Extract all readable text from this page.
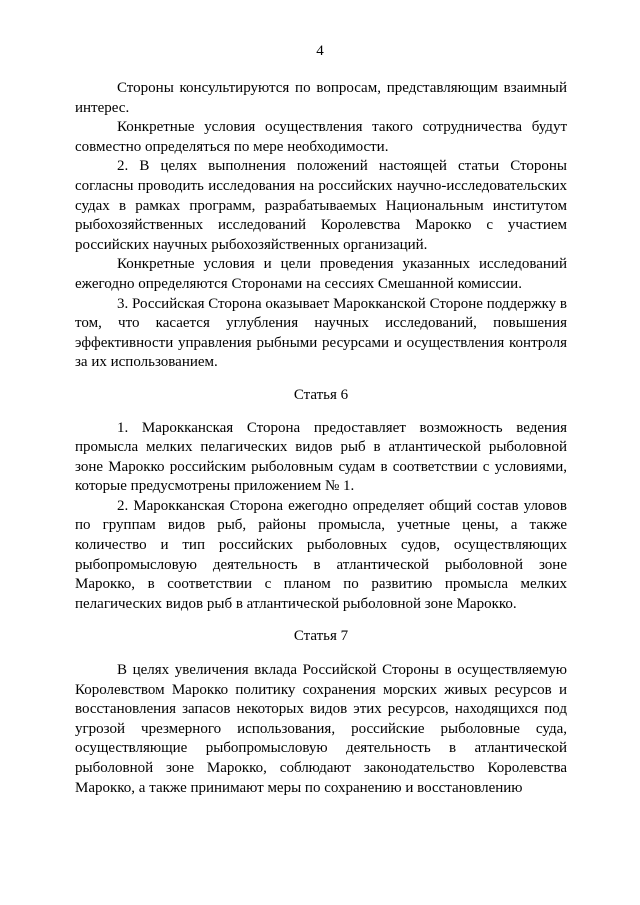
4

Стороны консультируются по вопросам, представляющим взаимный интерес.

Конкретные условия осуществления такого сотрудничества будут совместно определяться по мере необходимости.

2. В целях выполнения положений настоящей статьи Стороны согласны проводить исследования на российских научно-исследовательских судах в рамках программ, разрабатываемых Национальным институтом рыбохозяйственных исследований Королевства Марокко с участием российских научных рыбохозяйственных организаций.

Конкретные условия и цели проведения указанных исследований ежегодно определяются Сторонами на сессиях Смешанной комиссии.

3. Российская Сторона оказывает Марокканской Стороне поддержку в том, что касается углубления научных исследований, повышения эффективности управления рыбными ресурсами и осуществления контроля за их использованием.

Статья 6

1. Марокканская Сторона предоставляет возможность ведения промысла мелких пелагических видов рыб в атлантической рыболовной зоне Марокко российским рыболовным судам в соответствии с условиями, которые предусмотрены приложением № 1.

2. Марокканская Сторона ежегодно определяет общий состав уловов по группам видов рыб, районы промысла, учетные цены, а также количество и тип российских рыболовных судов, осуществляющих рыбопромысловую деятельность в атлантической рыболовной зоне Марокко, в соответствии с планом по развитию промысла мелких пелагических видов рыб в атлантической рыболовной зоне Марокко.

Статья 7

В целях увеличения вклада Российской Стороны в осуществляемую Королевством Марокко политику сохранения морских живых ресурсов и восстановления запасов некоторых видов этих ресурсов, находящихся под угрозой чрезмерного использования, российские рыболовные суда, осуществляющие рыбопромысловую деятельность в атлантической рыболовной зоне Марокко, соблюдают законодательство Королевства Марокко, а также принимают меры по сохранению и восстановлению
